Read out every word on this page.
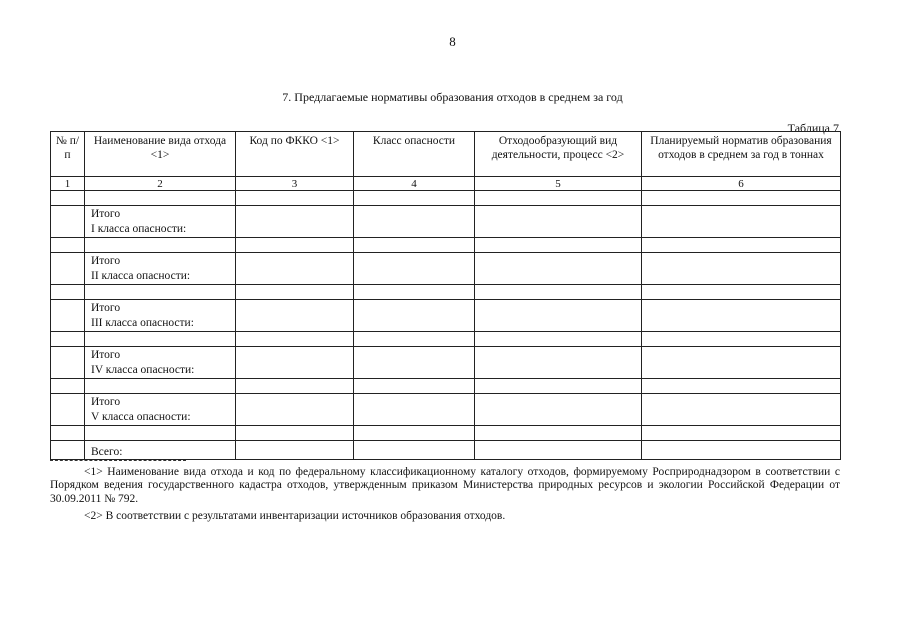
8
7. Предлагаемые нормативы образования отходов в среднем за год
Таблица 7
№ п/п	Наименование вида отхода <1>	Код по ФККО <1>	Класс опасности	Отходообразующий вид деятельности, процесс <2>	Планируемый норматив образования отходов в среднем за год в тоннах
1	2	3	4	5	6

	Итого
I класса опасности:				

	Итого
II класса опасности:				

	Итого
III класса опасности:				

	Итого
IV класса опасности:				

	Итого
V класса опасности:				

	Всего:				

<1> Наименование вида отхода и код по федеральному классификационному каталогу отходов, формируемому Росприроднадзором в соответствии с Порядком ведения государственного кадастра отходов, утвержденным приказом Министерства природных ресурсов и экологии Российской Федерации от 30.09.2011 № 792.

<2> В соответствии с результатами инвентаризации источников образования отходов.
